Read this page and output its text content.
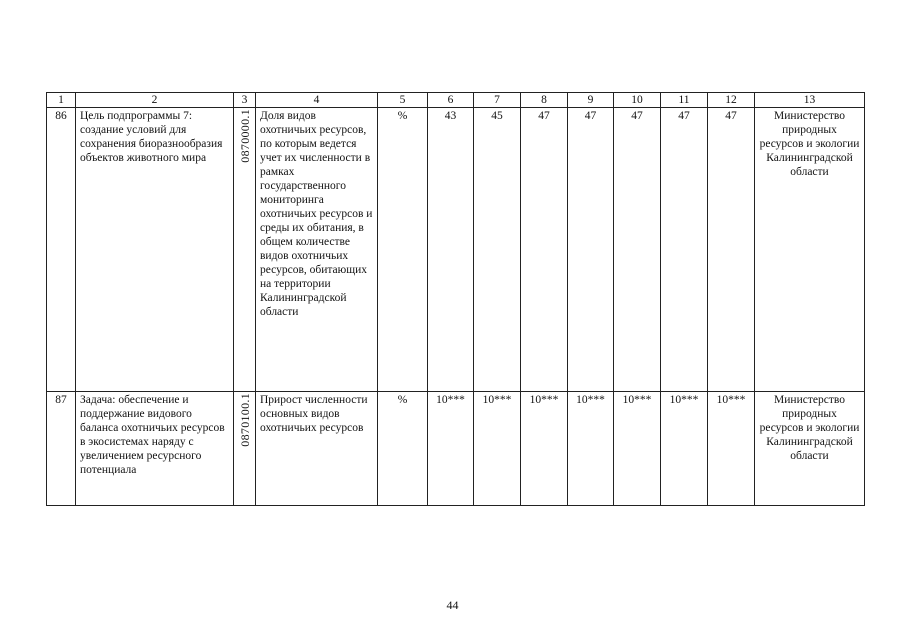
1	2	3	4	5	6	7	8	9	10	11	12	13
86	Цель подпрограммы 7: создание условий для сохранения биоразнообразия объектов животного мира	0870000.1	Доля видов охотничьих ресурсов, по которым ведется учет их численности в рамках государственного мониторинга охотничьих ресурсов и среды их обитания, в общем количестве видов охотничьих ресурсов, обитающих на территории Калининградской области	%	43	45	47	47	47	47	47	Министерство природных ресурсов и экологии Калининградской области
87	Задача: обеспечение и поддержание видового баланса охотничьих ресурсов в экосистемах наряду с увеличением ресурсного потенциала	0870100.1	Прирост численности основных видов охотничьих ресурсов	%	10***	10***	10***	10***	10***	10***	10***	Министерство природных ресурсов и экологии Калининградской области
44
